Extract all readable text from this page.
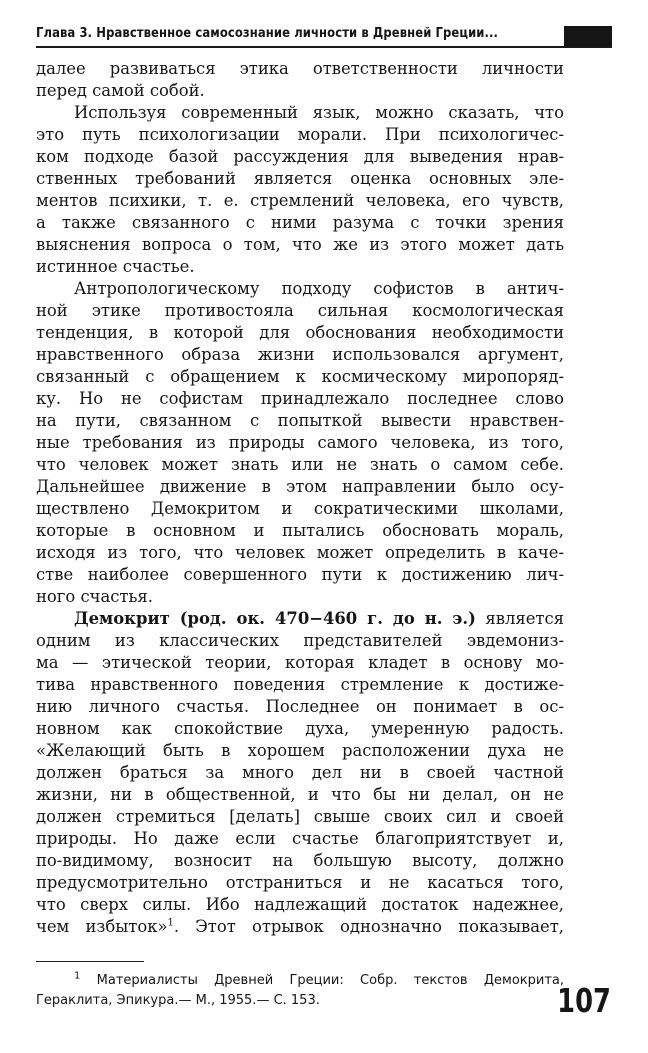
Глава 3. Нравственное самосознание личности в Древней Греции...
далее развиваться этика ответственности личности
перед самой собой.
Используя современный язык, можно сказать, что
это путь психологизации морали. При психологичес-
ком подходе базой рассуждения для выведения нрав-
ственных требований является оценка основных эле-
ментов психики, т. е. стремлений человека, его чувств,
а также связанного с ними разума с точки зрения
выяснения вопроса о том, что же из этого может дать
истинное счастье.
Антропологическому подходу софистов в антич-
ной этике противостояла сильная космологическая
тенденция, в которой для обоснования необходимости
нравственного образа жизни использовался аргумент,
связанный с обращением к космическому миропоряд-
ку. Но не софистам принадлежало последнее слово
на пути, связанном с попыткой вывести нравствен-
ные требования из природы самого человека, из того,
что человек может знать или не знать о самом себе.
Дальнейшее движение в этом направлении было осу-
ществлено Демокритом и сократическими школами,
которые в основном и пытались обосновать мораль,
исходя из того, что человек может определить в каче-
стве наиболее совершенного пути к достижению лич-
ного счастья.
Демокрит (род. ок. 470−460 г. до н. э.) является
одним из классических представителей эвдемониз-
ма — этической теории, которая кладет в основу мо-
тива нравственного поведения стремление к достиже-
нию личного счастья. Последнее он понимает в ос-
новном как спокойствие духа, умеренную радость.
«Желающий быть в хорошем расположении духа не
должен браться за много дел ни в своей частной
жизни, ни в общественной, и что бы ни делал, он не
должен стремиться [делать] свыше своих сил и своей
природы. Но даже если счастье благоприятствует и,
по-видимому, возносит на большую высоту, должно
предусмотрительно отстраниться и не касаться того,
что сверх силы. Ибо надлежащий достаток надежнее,
чем избыток»$^1$. Этот отрывок однозначно показывает,
$^1$ Материалисты Древней Греции: Собр. текстов Демокрита,
Гераклита, Эпикура.— М., 1955.— С. 153.	107
